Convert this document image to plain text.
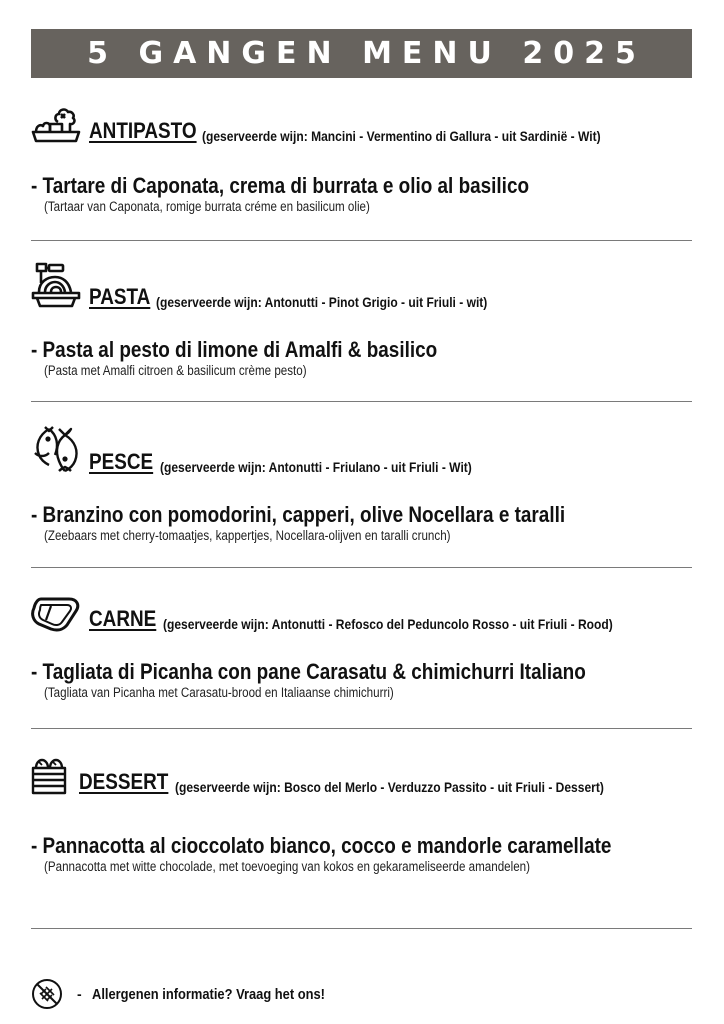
5 GANGEN MENU 2025
ANTIPASTO (geserveerde wijn: Mancini - Vermentino di Gallura - uit Sardinië - Wit)
- Tartare di Caponata, crema di burrata e olio al basilico
(Tartaar van Caponata, romige burrata créme en basilicum olie)
PASTA (geserveerde wijn: Antonutti - Pinot Grigio - uit Friuli - wit)
- Pasta al pesto di limone di Amalfi & basilico
(Pasta met Amalfi citroen & basilicum crème pesto)
PESCE (geserveerde wijn: Antonutti - Friulano - uit Friuli - Wit)
- Branzino con pomodorini, capperi, olive Nocellara e taralli
(Zeebaars met cherry-tomaatjes, kappertjes, Nocellara-olijven en taralli crunch)
CARNE (geserveerde wijn: Antonutti - Refosco del Peduncolo Rosso - uit Friuli - Rood)
- Tagliata di Picanha con pane Carasatu & chimichurri Italiano
(Tagliata van Picanha met Carasatu-brood en Italiaanse chimichurri)
DESSERT (geserveerde wijn: Bosco del Merlo - Verduzzo Passito - uit Friuli - Dessert)
- Pannacotta al cioccolato bianco, cocco e mandorle caramellate
(Pannacotta met witte chocolade, met toevoeging van kokos en gekarameliseerde amandelen)
- Allergenen informatie? Vraag het ons!
